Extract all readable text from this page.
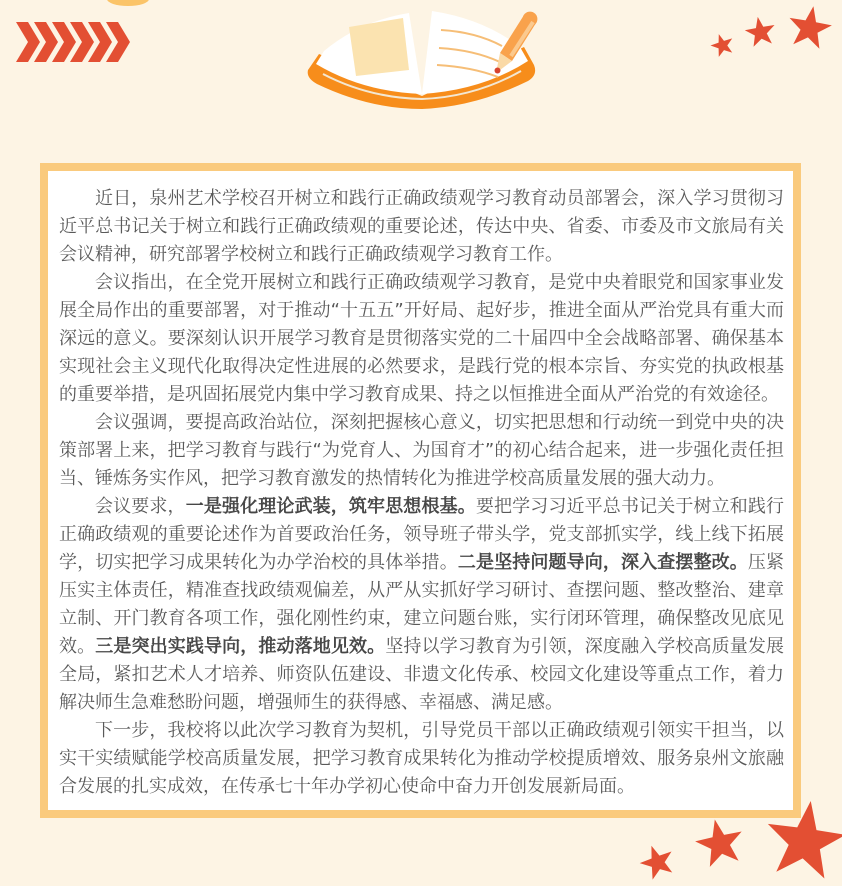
近日，泉州艺术学校召开树立和践行正确政绩观学习教育动员部署会，深入学习贯彻习近平总书记关于树立和践行正确政绩观的重要论述，传达中央、省委、市委及市文旅局有关会议精神，研究部署学校树立和践行正确政绩观学习教育工作。

会议指出，在全党开展树立和践行正确政绩观学习教育，是党中央着眼党和国家事业发展全局作出的重要部署，对于推动“十五五”开好局、起好步，推进全面从严治党具有重大而深远的意义。要深刻认识开展学习教育是贯彻落实党的二十届四中全会战略部署、确保基本实现社会主义现代化取得决定性进展的必然要求，是践行党的根本宗旨、夯实党的执政根基的重要举措，是巩固拓展党内集中学习教育成果、持之以恒推进全面从严治党的有效途径。

会议强调，要提高政治站位，深刻把握核心意义，切实把思想和行动统一到党中央的决策部署上来，把学习教育与践行“为党育人、为国育才”的初心结合起来，进一步强化责任担当、锤炼务实作风，把学习教育激发的热情转化为推进学校高质量发展的强大动力。

会议要求，一是强化理论武装，筑牢思想根基。要把学习习近平总书记关于树立和践行正确政绩观的重要论述作为首要政治任务，领导班子带头学，党支部抓实学，线上线下拓展学，切实把学习成果转化为办学治校的具体举措。二是坚持问题导向，深入查摆整改。压紧压实主体责任，精准查找政绩观偏差，从严从实抓好学习研讨、查摆问题、整改整治、建章立制、开门教育各项工作，强化刚性约束，建立问题台账，实行闭环管理，确保整改见底见效。三是突出实践导向，推动落地见效。坚持以学习教育为引领，深度融入学校高质量发展全局，紧扣艺术人才培养、师资队伍建设、非遗文化传承、校园文化建设等重点工作，着力解决师生急难愁盼问题，增强师生的获得感、幸福感、满足感。

下一步，我校将以此次学习教育为契机，引导党员干部以正确政绩观引领实干担当，以实干实绩赋能学校高质量发展，把学习教育成果转化为推动学校提质增效、服务泉州文旅融合发展的扎实成效，在传承七十年办学初心使命中奋力开创发展新局面。
